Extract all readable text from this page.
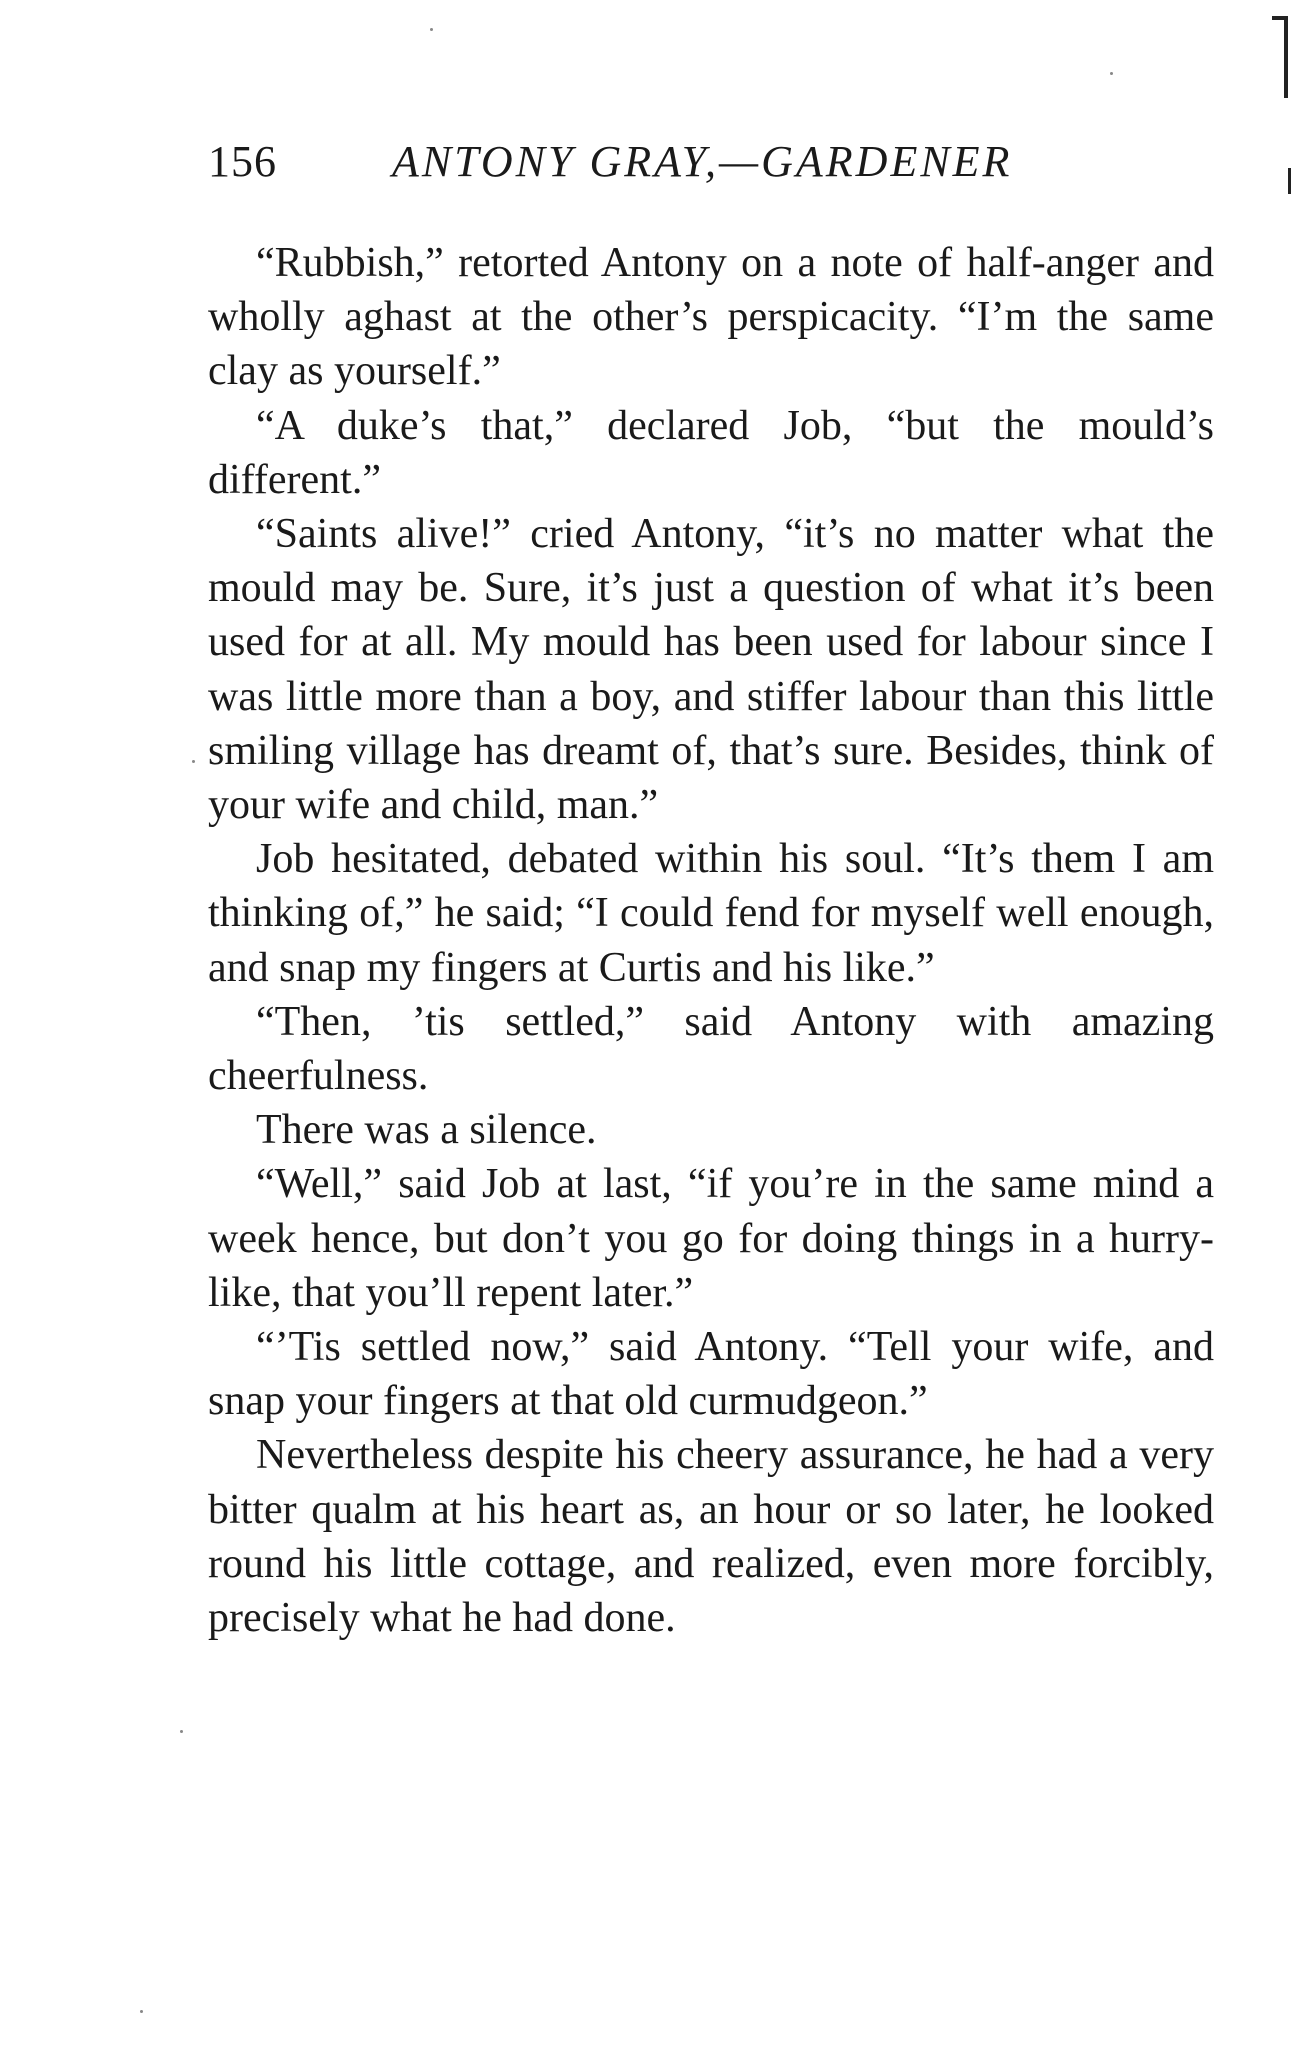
156	ANTONY GRAY,—GARDENER

“Rubbish,” retorted Antony on a note of half-anger and wholly aghast at the other’s perspicacity. “I’m the same clay as yourself.”

“A duke’s that,” declared Job, “but the mould’s different.”

“Saints alive!” cried Antony, “it’s no matter what the mould may be. Sure, it’s just a question of what it’s been used for at all. My mould has been used for labour since I was little more than a boy, and stiffer labour than this little smiling village has dreamt of, that’s sure. Besides, think of your wife and child, man.”

Job hesitated, debated within his soul. “It’s them I am thinking of,” he said; “I could fend for myself well enough, and snap my fingers at Curtis and his like.”

“Then, ’tis settled,” said Antony with amazing cheerfulness.

There was a silence.

“Well,” said Job at last, “if you’re in the same mind a week hence, but don’t you go for doing things in a hurry-like, that you’ll repent later.”

“’Tis settled now,” said Antony. “Tell your wife, and snap your fingers at that old curmudgeon.”

Nevertheless despite his cheery assurance, he had a very bitter qualm at his heart as, an hour or so later, he looked round his little cottage, and realized, even more forcibly, precisely what he had done.
